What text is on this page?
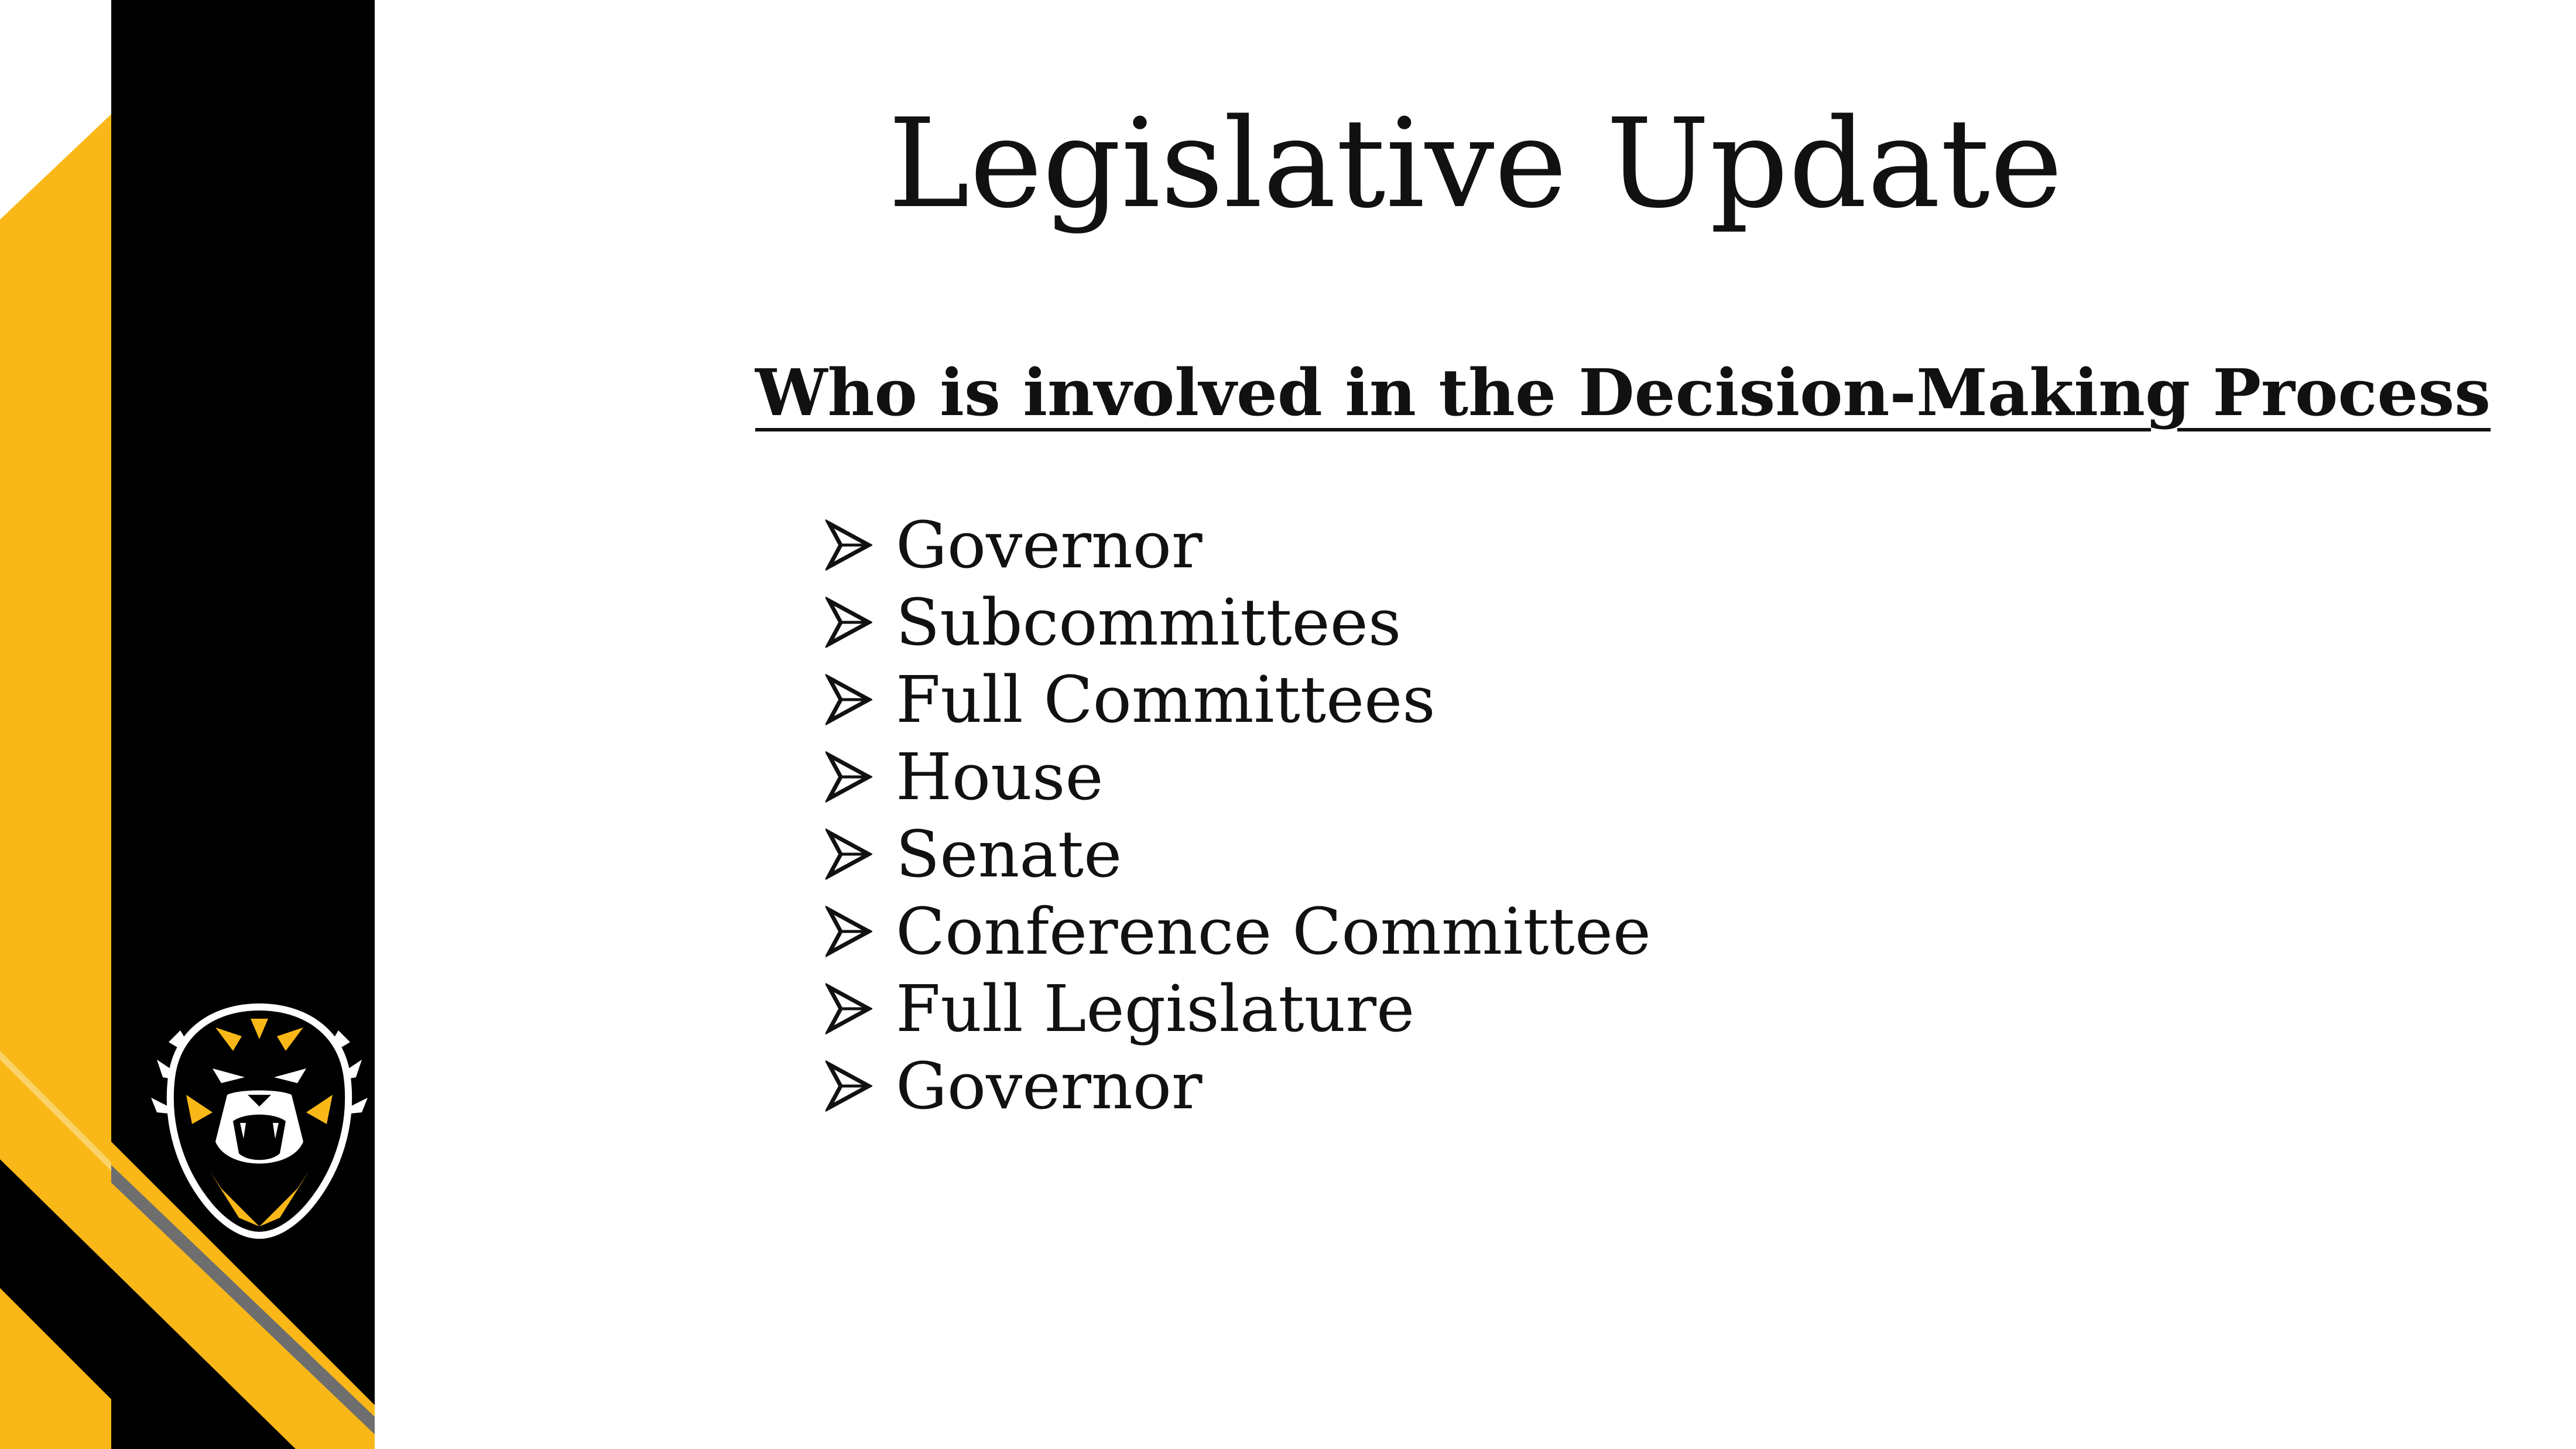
Legislative Update

Who is involved in the Decision-Making Process

Governor
Subcommittees
Full Committees
House
Senate
Conference Committee
Full Legislature
Governor
